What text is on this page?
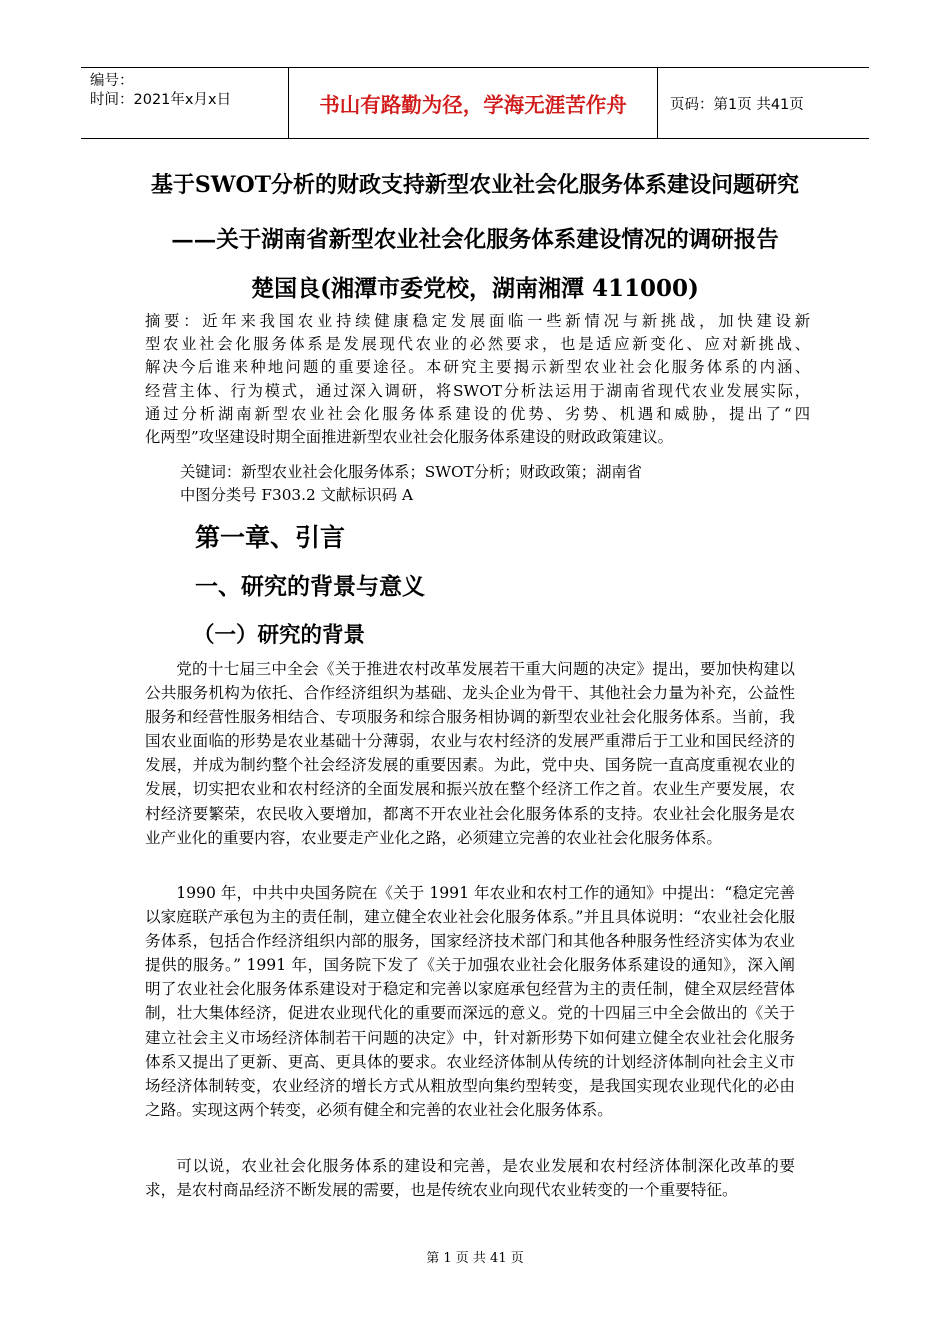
编号：
时间：2021年x月x日	书山有路勤为径，学海无涯苦作舟	页码：第1页 共41页
基于SWOT分析的财政支持新型农业社会化服务体系建设问题研究
——关于湖南省新型农业社会化服务体系建设情况的调研报告
楚国良(湘潭市委党校，湖南湘潭 411000)
摘要：近年来我国农业持续健康稳定发展面临一些新情况与新挑战，加快建设新
型农业社会化服务体系是发展现代农业的必然要求，也是适应新变化、应对新挑战、
解决今后谁来种地问题的重要途径。本研究主要揭示新型农业社会化服务体系的内涵、
经营主体、行为模式，通过深入调研，将SWOT分析法运用于湖南省现代农业发展实际，
通过分析湖南新型农业社会化服务体系建设的优势、劣势、机遇和威胁，提出了“四
化两型”攻坚建设时期全面推进新型农业社会化服务体系建设的财政政策建议。
关键词：新型农业社会化服务体系；SWOT分析；财政政策；湖南省
中图分类号 F303.2 文献标识码 A
第一章、引言
一、研究的背景与意义
（一）研究的背景
党的十七届三中全会《关于推进农村改革发展若干重大问题的决定》提出，要加快构建以公共服务机构为依托、合作经济组织为基础、龙头企业为骨干、其他社会力量为补充，公益性服务和经营性服务相结合、专项服务和综合服务相协调的新型农业社会化服务体系。当前，我国农业面临的形势是农业基础十分薄弱，农业与农村经济的发展严重滞后于工业和国民经济的发展，并成为制约整个社会经济发展的重要因素。为此，党中央、国务院一直高度重视农业的发展，切实把农业和农村经济的全面发展和振兴放在整个经济工作之首。农业生产要发展，农村经济要繁荣，农民收入要增加，都离不开农业社会化服务体系的支持。农业社会化服务是农业产业化的重要内容，农业要走产业化之路，必须建立完善的农业社会化服务体系。
1990 年，中共中央国务院在《关于 1991 年农业和农村工作的通知》中提出：“稳定完善以家庭联产承包为主的责任制，建立健全农业社会化服务体系。”并且具体说明：“农业社会化服务体系，包括合作经济组织内部的服务，国家经济技术部门和其他各种服务性经济实体为农业提供的服务。” 1991 年，国务院下发了《关于加强农业社会化服务体系建设的通知》，深入阐明了农业社会化服务体系建设对于稳定和完善以家庭承包经营为主的责任制，健全双层经营体制，壮大集体经济，促进农业现代化的重要而深远的意义。党的十四届三中全会做出的《关于建立社会主义市场经济体制若干问题的决定》中，针对新形势下如何建立健全农业社会化服务体系又提出了更新、更高、更具体的要求。农业经济体制从传统的计划经济体制向社会主义市场经济体制转变，农业经济的增长方式从粗放型向集约型转变，是我国实现农业现代化的必由之路。实现这两个转变，必须有健全和完善的农业社会化服务体系。
可以说，农业社会化服务体系的建设和完善，是农业发展和农村经济体制深化改革的要求，是农村商品经济不断发展的需要，也是传统农业向现代农业转变的一个重要特征。
第 1 页 共 41 页
